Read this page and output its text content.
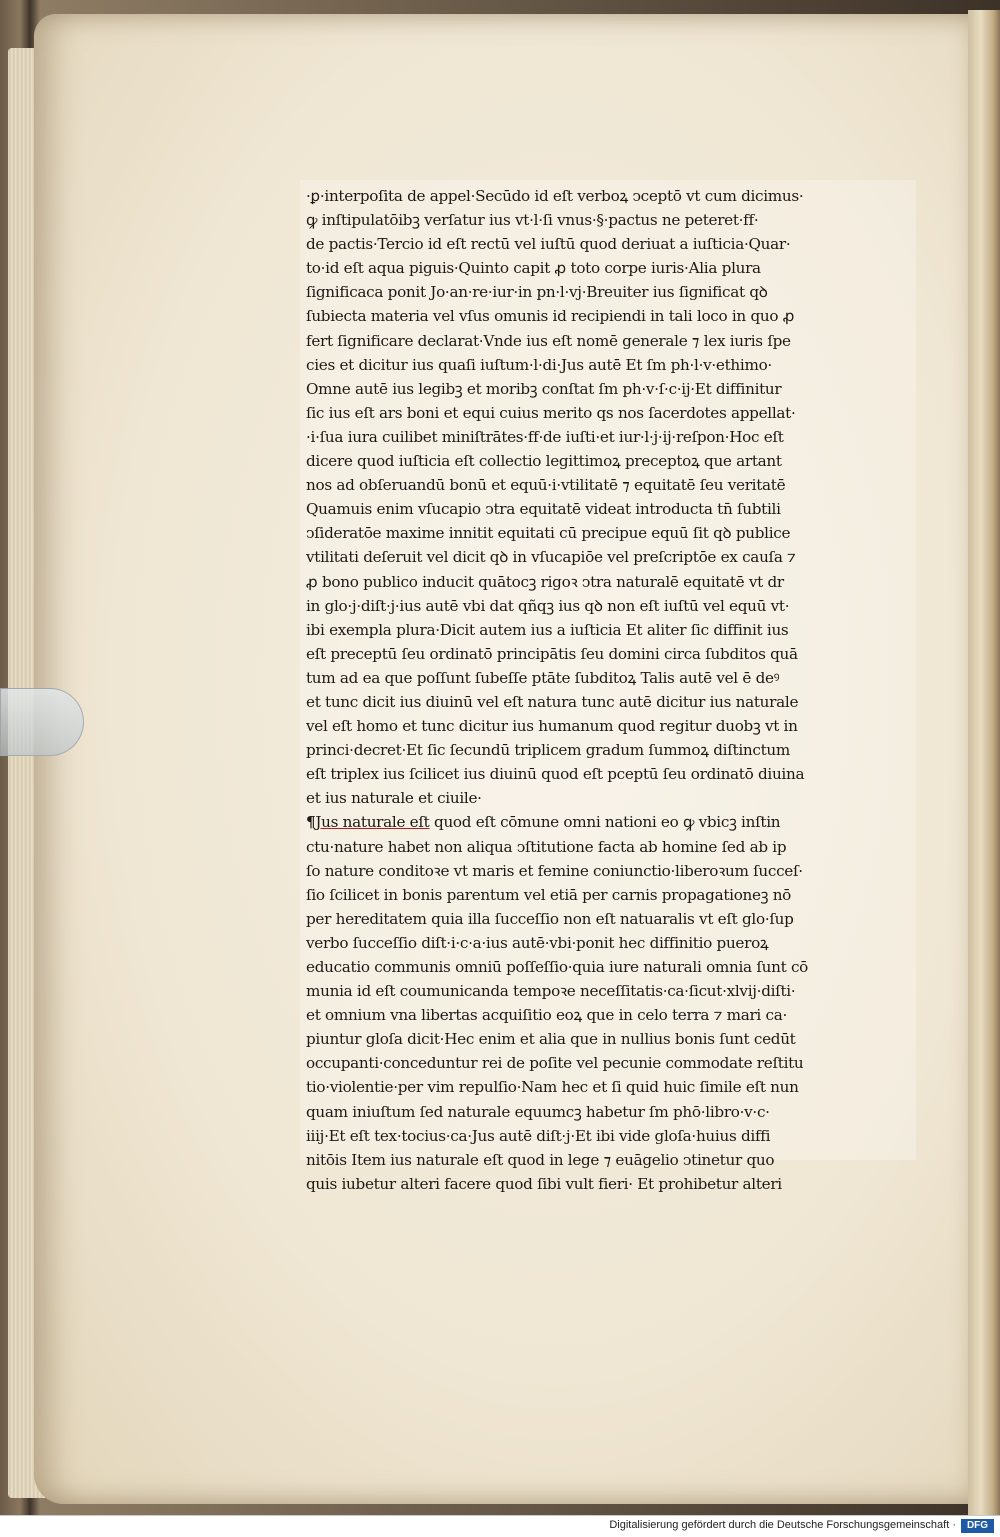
·ꝑ·interpoſita de appel·Secūdo id eſt verboꝝ ↄceptō vt cum dicimus·
ꝙ inſtipulatōibꝫ verſatur ius vt·l·ſi vnus·§·pactus ne peteret·ff·
de pactis·Tercio id eſt rectū vel iuſtū quod deriuat a iuſticia·Quar·
to·id eſt aqua piguis·Quinto capit ꝓ toto corpe iuris·Alia plura
ſignificaca ponit Jo·an·re·iur·in pn·l·vj·Breuiter ius ſignificat qꝺ
ſubiecta materia vel vſus omunis id recipiendi in tali loco in quo ꝓ
fert ſignificare declarat·Vnde ius eſt nomē generale ⁊ lex iuris ſpe
cies et dicitur ius quaſi iuſtum·l·di·Jus autē Et ſm ph·l·v·ethimo·
Omne autē ius legibꝫ et moribꝫ conſtat ſm ph·v·ſ·c·ij·Et diffinitur
ſic ius eſt ars boni et equi cuius merito qs nos ſacerdotes appellat·
·i·ſua iura cuilibet miniſtrātes·ff·de iuſti·et iur·l·j·ij·reſpon·Hoc eſt
dicere quod iuſticia eſt collectio legittimoꝝ preceptoꝝ que artant
nos ad obſeruandū bonū et equū·i·vtilitatē ⁊ equitatē ſeu veritatē
Quamuis enim vſucapio ↄtra equitatē videat introducta tn̄ ſubtili
ↄſideratōe maxime innitit equitati cū precipue equū ſit qꝺ publice
vtilitati deſeruit vel dicit qꝺ in vſucapiōe vel preſcriptōe ex cauſa ⁊
ꝓ bono publico inducit quātocꝫ rigoꝛ ↄtra naturalē equitatē vt dr
in glo·j·diſt·j·ius autē vbi dat qñqꝫ ius qꝺ non eſt iuſtū vel equū vt·
ibi exempla plura·Dicit autem ius a iuſticia Et aliter ſic diffinit ius
eſt preceptū ſeu ordinatō principātis ſeu domini circa ſubditos quā
tum ad ea que poſſunt ſubeſſe ptāte ſubditoꝝ Talis autē vel ē deꝰ
et tunc dicit ius diuinū vel eſt natura tunc autē dicitur ius naturale
vel eſt homo et tunc dicitur ius humanum quod regitur duobꝫ vt in
princi·decret·Et ſic ſecundū triplicem gradum ſummoꝝ diſtinctum
eſt triplex ius ſcilicet ius diuinū quod eſt pceptū ſeu ordinatō diuina
et ius naturale et ciuile·
¶Jus naturale eſt quod eſt cōmune omni nationi eo ꝙ vbicꝫ inſtin
ctu·nature habet non aliqua ↄſtitutione facta ab homine ſed ab ip
ſo nature conditoꝛe vt maris et femine coniunctio·liberoꝛum ſucceſ·
ſio ſcilicet in bonis parentum vel etiā per carnis propagationeꝫ nō
per hereditatem quia illa ſucceſſio non eſt natuaralis vt eſt glo·ſup
verbo ſucceſſio diſt·i·c·a·ius autē·vbi·ponit hec diffinitio pueroꝝ
educatio communis omniū poſſeſſio·quia iure naturali omnia ſunt cō
munia id eſt coumunicanda tempoꝛe neceſſitatis·ca·ſicut·xlvij·diſti·
et omnium vna libertas acquiſitio eoꝝ que in celo terra ⁊ mari ca·
piuntur gloſa dicit·Hec enim et alia que in nullius bonis ſunt cedūt
occupanti·conceduntur rei de poſite vel pecunie commodate reſtitu
tio·violentie·per vim repulſio·Nam hec et ſi quid huic ſimile eſt nun
quam iniuſtum ſed naturale equumcꝫ habetur ſm phō·libro·v·c·
iiij·Et eſt tex·tocius·ca·Jus autē diſt·j·Et ibi vide gloſa·huius diffi
nitōis Item ius naturale eſt quod in lege ⁊ euāgelio ↄtinetur quo
quis iubetur alteri facere quod ſibi vult fieri· Et prohibetur alteri
Digitalisierung gefördert durch die Deutsche Forschungsgemeinschaft ·	DFG
